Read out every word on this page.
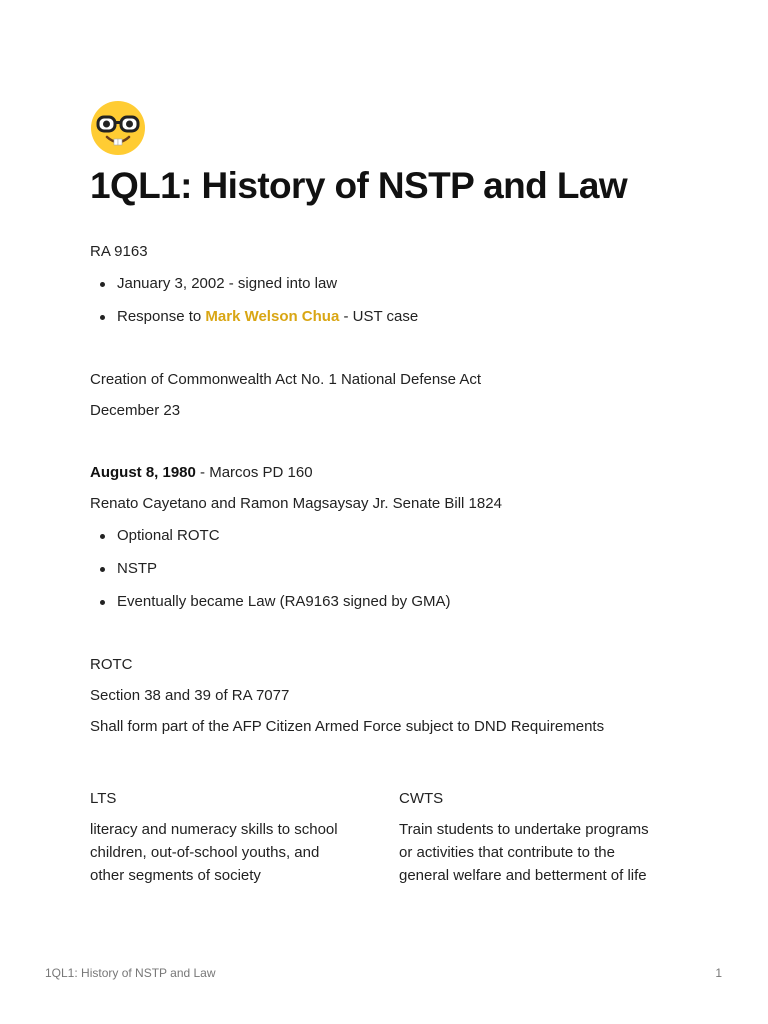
1QL1: History of NSTP and Law
RA 9163
January 3, 2002 - signed into law
Response to Mark Welson Chua - UST case
Creation of Commonwealth Act No. 1 National Defense Act
December 23
August 8, 1980 - Marcos PD 160
Renato Cayetano and Ramon Magsaysay Jr. Senate Bill 1824
Optional ROTC
NSTP
Eventually became Law (RA9163 signed by GMA)
ROTC
Section 38 and 39 of RA 7077
Shall form part of the AFP Citizen Armed Force subject to DND Requirements
LTS
literacy and numeracy skills to school
children, out-of-school youths, and
other segments of society
CWTS
Train students to undertake programs
or activities that contribute to the
general welfare and betterment of life
1QL1: History of NSTP and Law	1
